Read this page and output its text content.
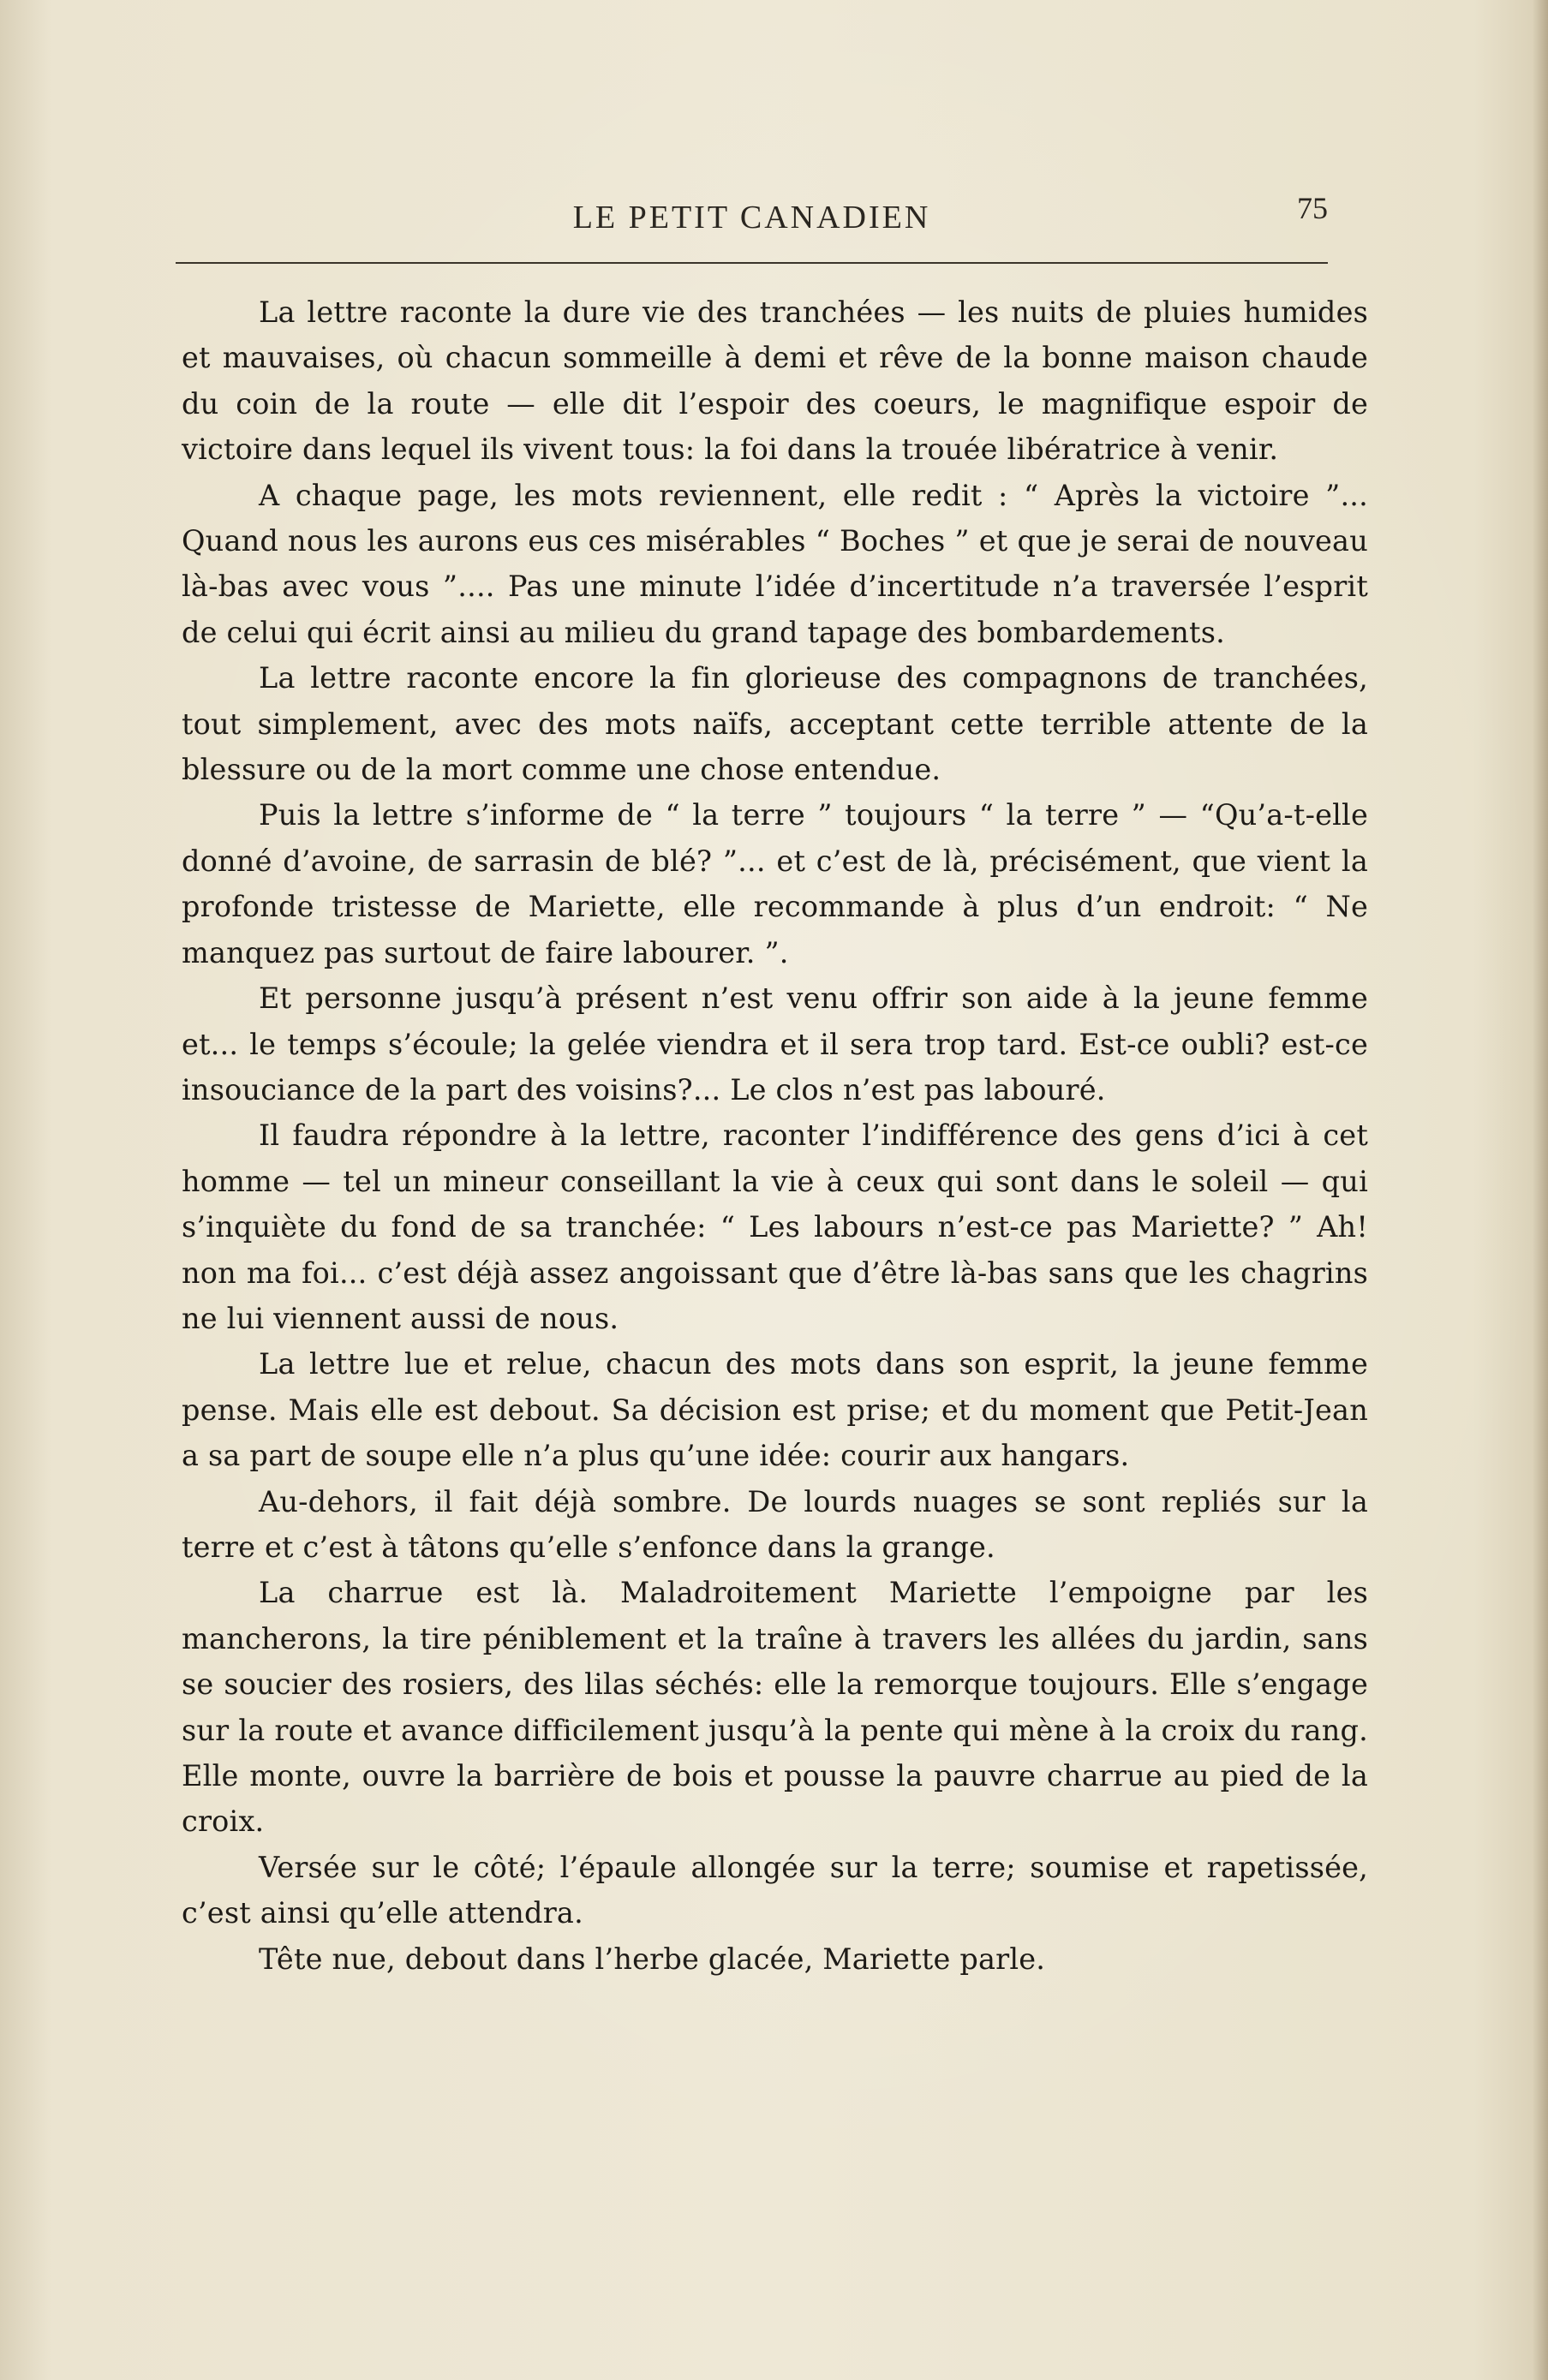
LE PETIT CANADIEN	75

La lettre raconte la dure vie des tranchées — les nuits de pluies humides et mauvaises, où chacun sommeille à demi et rêve de la bonne maison chaude du coin de la route — elle dit l’espoir des coeurs, le magnifique espoir de victoire dans lequel ils vivent tous: la foi dans la trouée libératrice à venir.

A chaque page, les mots reviennent, elle redit : “ Après la victoire ”... Quand nous les aurons eus ces misérables “ Boches ” et que je serai de nouveau là-bas avec vous ”.... Pas une minute l’idée d’incertitude n’a traversée l’esprit de celui qui écrit ainsi au milieu du grand tapage des bombardements.

La lettre raconte encore la fin glorieuse des compagnons de tranchées, tout simplement, avec des mots naïfs, acceptant cette terrible attente de la blessure ou de la mort comme une chose entendue.

Puis la lettre s’informe de “ la terre ” toujours “ la terre ” — “Qu’a-t-elle donné d’avoine, de sarrasin de blé? ”... et c’est de là, précisément, que vient la profonde tristesse de Mariette, elle recommande à plus d’un endroit: “ Ne manquez pas surtout de faire labourer. ”.

Et personne jusqu’à présent n’est venu offrir son aide à la jeune femme et... le temps s’écoule; la gelée viendra et il sera trop tard. Est-ce oubli? est-ce insouciance de la part des voisins?... Le clos n’est pas labouré.

Il faudra répondre à la lettre, raconter l’indifférence des gens d’ici à cet homme — tel un mineur conseillant la vie à ceux qui sont dans le soleil — qui s’inquiète du fond de sa tranchée: “ Les labours n’est-ce pas Mariette? ” Ah! non ma foi... c’est déjà assez angoissant que d’être là-bas sans que les chagrins ne lui viennent aussi de nous.

La lettre lue et relue, chacun des mots dans son esprit, la jeune femme pense. Mais elle est debout. Sa décision est prise; et du moment que Petit-Jean a sa part de soupe elle n’a plus qu’une idée: courir aux hangars.

Au-dehors, il fait déjà sombre. De lourds nuages se sont repliés sur la terre et c’est à tâtons qu’elle s’enfonce dans la grange.

La charrue est là. Maladroitement Mariette l’empoigne par les mancherons, la tire péniblement et la traîne à travers les allées du jardin, sans se soucier des rosiers, des lilas séchés: elle la remorque toujours. Elle s’engage sur la route et avance difficilement jusqu’à la pente qui mène à la croix du rang. Elle monte, ouvre la barrière de bois et pousse la pauvre charrue au pied de la croix.

Versée sur le côté; l’épaule allongée sur la terre; soumise et rapetissée, c’est ainsi qu’elle attendra.

Tête nue, debout dans l’herbe glacée, Mariette parle.
